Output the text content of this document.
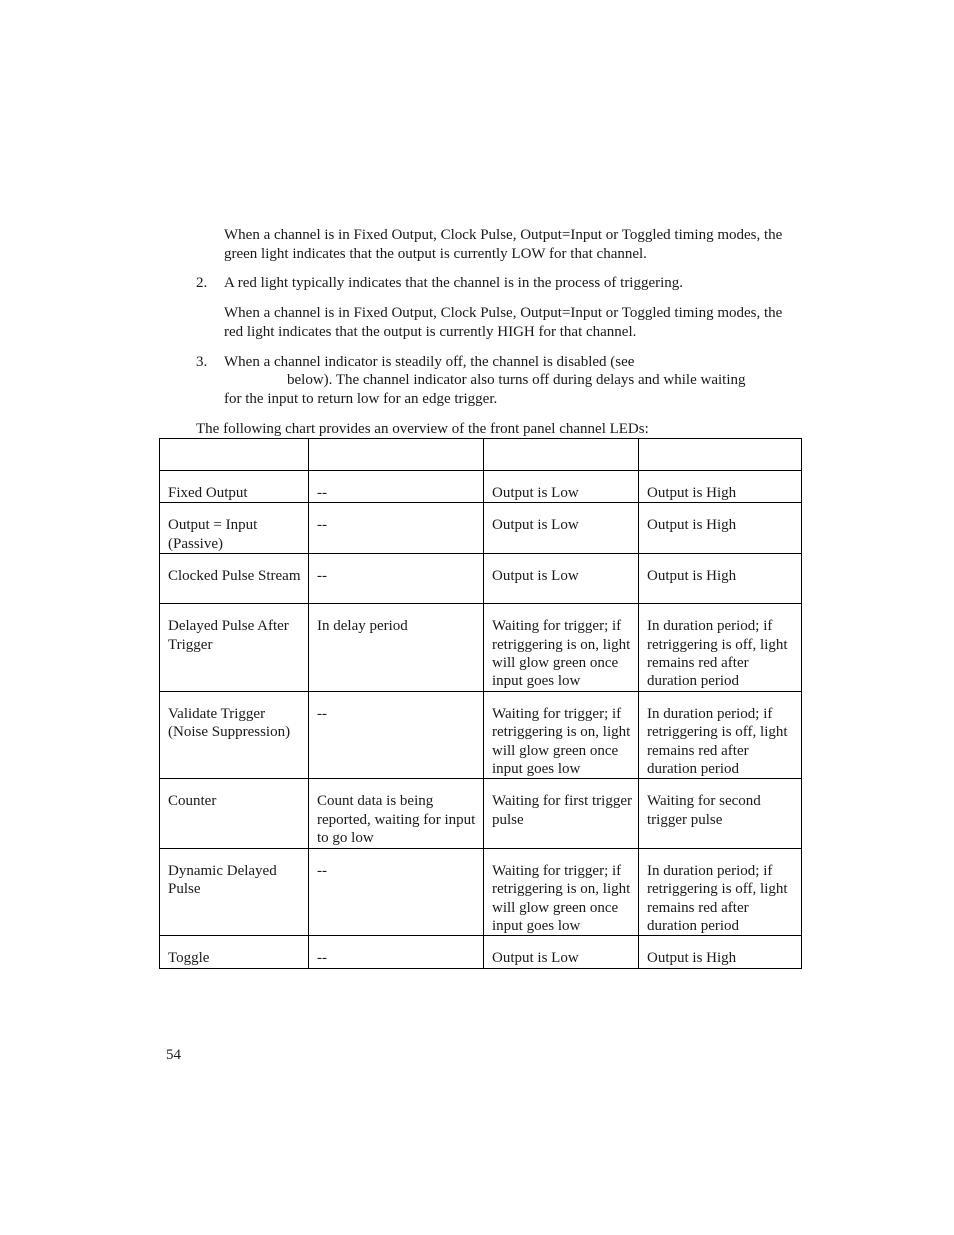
When a channel is in Fixed Output, Clock Pulse, Output=Input or Toggled timing modes, the green light indicates that the output is currently LOW for that channel.

2. A red light typically indicates that the channel is in the process of triggering.

When a channel is in Fixed Output, Clock Pulse, Output=Input or Toggled timing modes, the red light indicates that the output is currently HIGH for that channel.

3. When a channel indicator is steadily off, the channel is disabled (see

below). The channel indicator also turns off during delays and while waiting

for the input to return low for an edge trigger.

The following chart provides an overview of the front panel channel LEDs:

Fixed Output	--	Output is Low	Output is High
Output = Input (Passive)	--	Output is Low	Output is High
Clocked Pulse Stream	--	Output is Low	Output is High
Delayed Pulse After Trigger	In delay period	Waiting for trigger; if retriggering is on, light will glow green once input goes low	In duration period; if retriggering is off, light remains red after duration period
Validate Trigger (Noise Suppression)	--	Waiting for trigger; if retriggering is on, light will glow green once input goes low	In duration period; if retriggering is off, light remains red after duration period
Counter	Count data is being reported, waiting for input to go low	Waiting for first trigger pulse	Waiting for second trigger pulse
Dynamic Delayed Pulse	--	Waiting for trigger; if retriggering is on, light will glow green once input goes low	In duration period; if retriggering is off, light remains red after duration period
Toggle	--	Output is Low	Output is High
54
